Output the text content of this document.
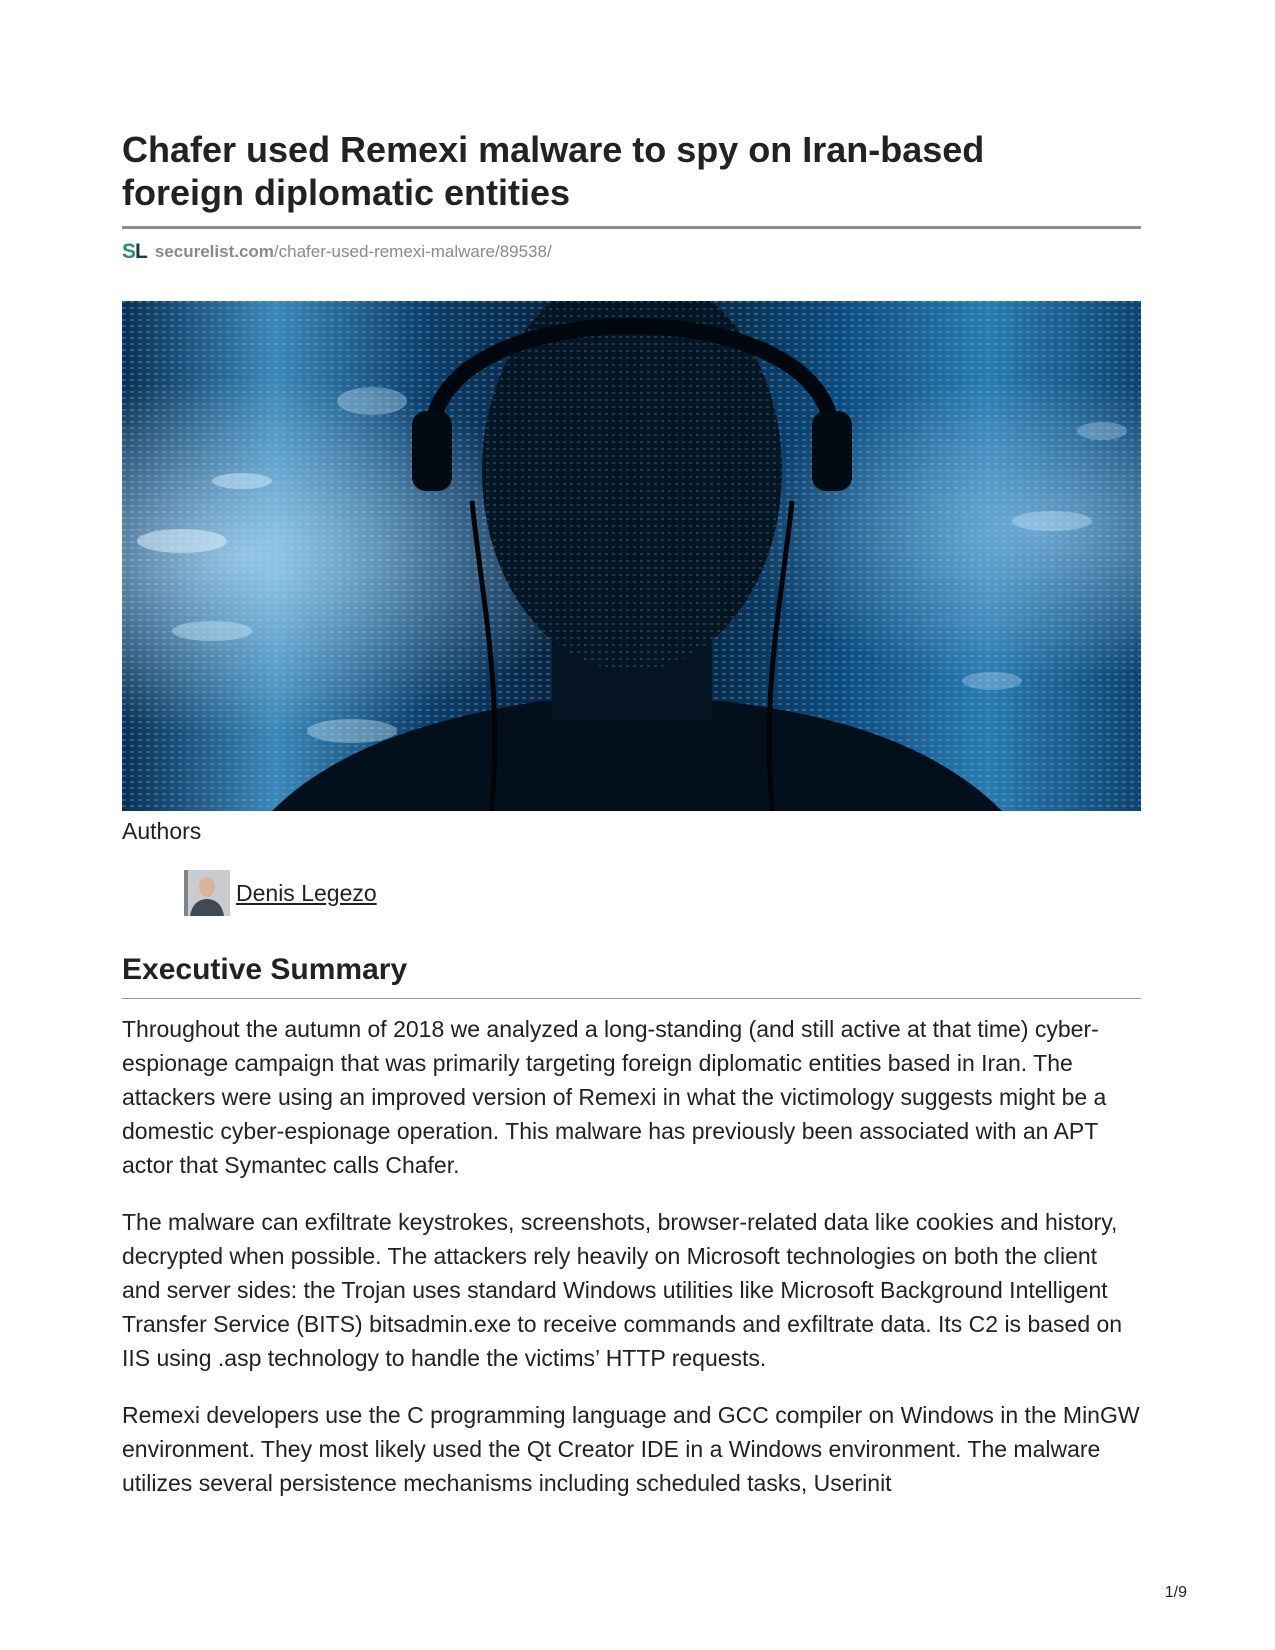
Chafer used Remexi malware to spy on Iran-based foreign diplomatic entities
SL securelist.com /chafer-used-remexi-malware/89538/
Authors
Denis Legezo
Executive Summary

Throughout the autumn of 2018 we analyzed a long-standing (and still active at that time) cyber-espionage campaign that was primarily targeting foreign diplomatic entities based in Iran. The attackers were using an improved version of Remexi in what the victimology suggests might be a domestic cyber-espionage operation. This malware has previously been associated with an APT actor that Symantec calls Chafer.

The malware can exfiltrate keystrokes, screenshots, browser-related data like cookies and history, decrypted when possible. The attackers rely heavily on Microsoft technologies on both the client and server sides: the Trojan uses standard Windows utilities like Microsoft Background Intelligent Transfer Service (BITS) bitsadmin.exe to receive commands and exfiltrate data. Its C2 is based on IIS using .asp technology to handle the victims’ HTTP requests.

Remexi developers use the C programming language and GCC compiler on Windows in the MinGW environment. They most likely used the Qt Creator IDE in a Windows environment. The malware utilizes several persistence mechanisms including scheduled tasks, Userinit

1/9
